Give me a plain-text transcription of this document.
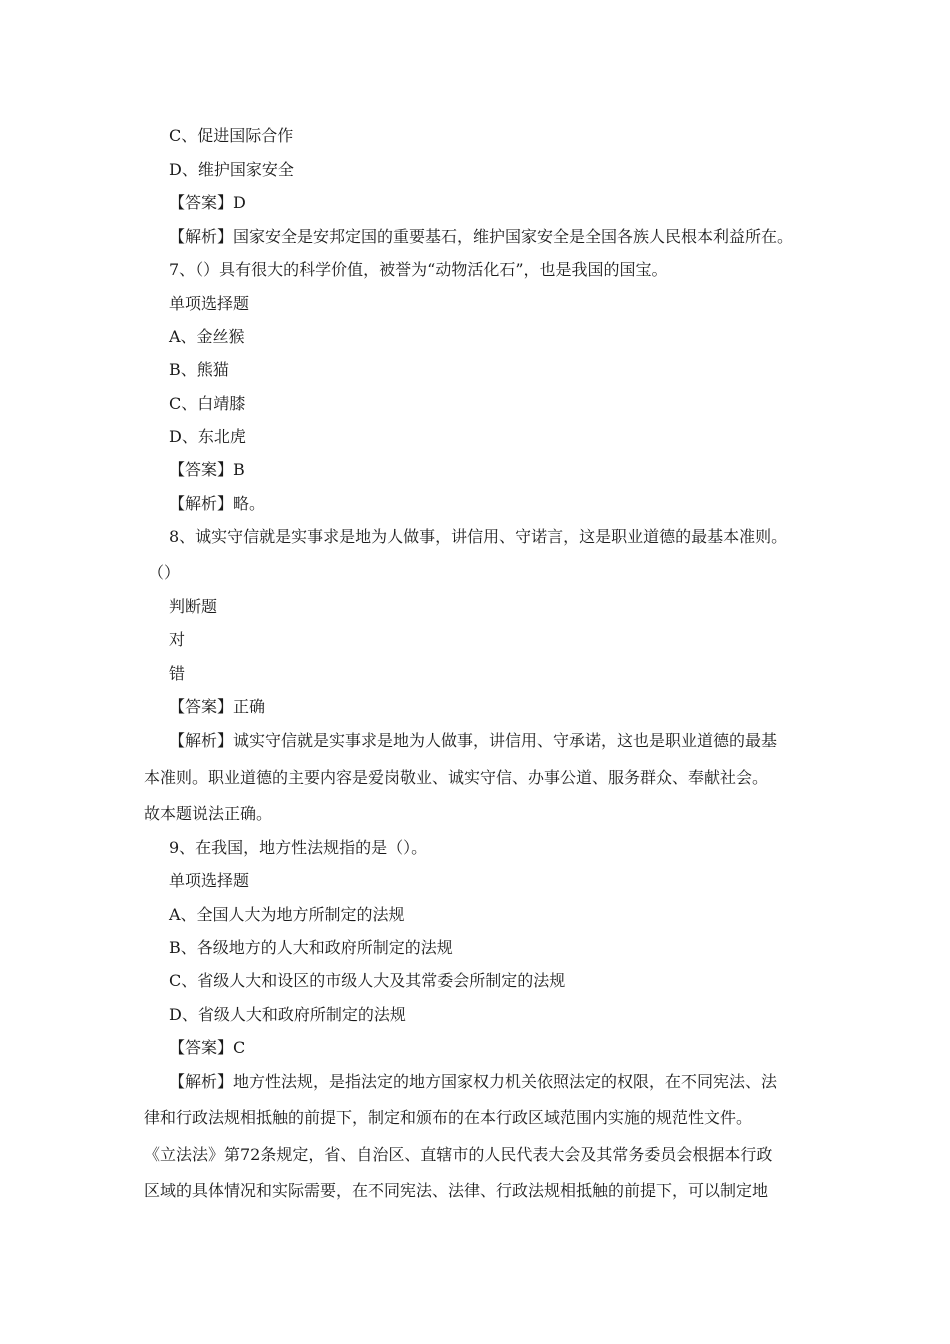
C、促进国际合作
D、维护国家安全
【答案】D
【解析】国家安全是安邦定国的重要基石，维护国家安全是全国各族人民根本利益所在。
7、（）具有很大的科学价值，被誉为“动物活化石”，也是我国的国宝。
单项选择题
A、金丝猴
B、熊猫
C、白靖膝
D、东北虎
【答案】B
【解析】略。
8、诚实守信就是实事求是地为人做事，讲信用、守诺言，这是职业道德的最基本准则。
（）
判断题
对
错
【答案】正确
【解析】诚实守信就是实事求是地为人做事，讲信用、守承诺，这也是职业道德的最基
本准则。职业道德的主要内容是爱岗敬业、诚实守信、办事公道、服务群众、奉献社会。
故本题说法正确。
9、在我国，地方性法规指的是（）。
单项选择题
A、全国人大为地方所制定的法规
B、各级地方的人大和政府所制定的法规
C、省级人大和设区的市级人大及其常委会所制定的法规
D、省级人大和政府所制定的法规
【答案】C
【解析】地方性法规，是指法定的地方国家权力机关依照法定的权限，在不同宪法、法
律和行政法规相抵触的前提下，制定和颁布的在本行政区域范围内实施的规范性文件。
《立法法》第72条规定，省、自治区、直辖市的人民代表大会及其常务委员会根据本行政
区域的具体情况和实际需要，在不同宪法、法律、行政法规相抵触的前提下，可以制定地
